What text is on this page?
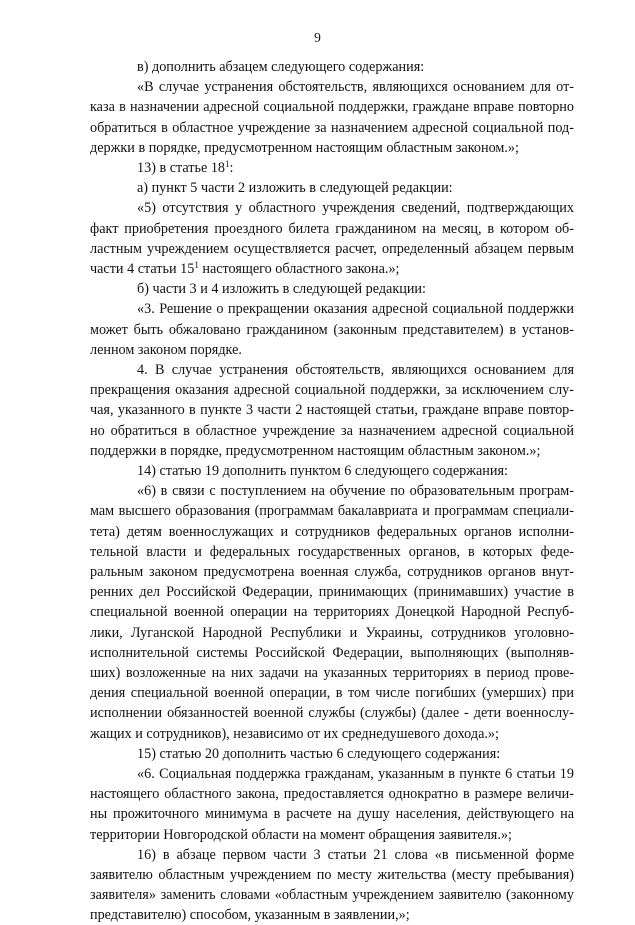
9
в) дополнить абзацем следующего содержания:
«В случае устранения обстоятельств, являющихся основанием для от-
каза в назначении адресной социальной поддержки, граждане вправе повторно
обратиться в областное учреждение за назначением адресной социальной под-
держки в порядке, предусмотренном настоящим областным законом.»;
13) в статье $18^1$:
а) пункт 5 части 2 изложить в следующей редакции:
«5) отсутствия у областного учреждения сведений, подтверждающих
факт приобретения проездного билета гражданином на месяц, в котором об-
ластным учреждением осуществляется расчет, определенный абзацем первым
части 4 статьи $15^1$ настоящего областного закона.»;
б) части 3 и 4 изложить в следующей редакции:
«3. Решение о прекращении оказания адресной социальной поддержки
может быть обжаловано гражданином (законным представителем) в установ-
ленном законом порядке.
4. В случае устранения обстоятельств, являющихся основанием для
прекращения оказания адресной социальной поддержки, за исключением слу-
чая, указанного в пункте 3 части 2 настоящей статьи, граждане вправе повтор-
но обратиться в областное учреждение за назначением адресной социальной
поддержки в порядке, предусмотренном настоящим областным законом.»;
14) статью 19 дополнить пунктом 6 следующего содержания:
«6) в связи с поступлением на обучение по образовательным програм-
мам высшего образования (программам бакалавриата и программам специали-
тета) детям военнослужащих и сотрудников федеральных органов исполни-
тельной власти и федеральных государственных органов, в которых феде-
ральным законом предусмотрена военная служба, сотрудников органов внут-
ренних дел Российской Федерации, принимающих (принимавших) участие в
специальной военной операции на территориях Донецкой Народной Респуб-
лики, Луганской Народной Республики и Украины, сотрудников уголовно-
исполнительной системы Российской Федерации, выполняющих (выполняв-
ших) возложенные на них задачи на указанных территориях в период прове-
дения специальной военной операции, в том числе погибших (умерших) при
исполнении обязанностей военной службы (службы) (далее - дети военнослу-
жащих и сотрудников), независимо от их среднедушевого дохода.»;
15) статью 20 дополнить частью 6 следующего содержания:
«6. Социальная поддержка гражданам, указанным в пункте 6 статьи 19
настоящего областного закона, предоставляется однократно в размере величи-
ны прожиточного минимума в расчете на душу населения, действующего на
территории Новгородской области на момент обращения заявителя.»;
16) в абзаце первом части 3 статьи 21 слова «в письменной форме
заявителю областным учреждением по месту жительства (месту пребывания)
заявителя» заменить словами «областным учреждением заявителю (законному
представителю) способом, указанным в заявлении,»;
